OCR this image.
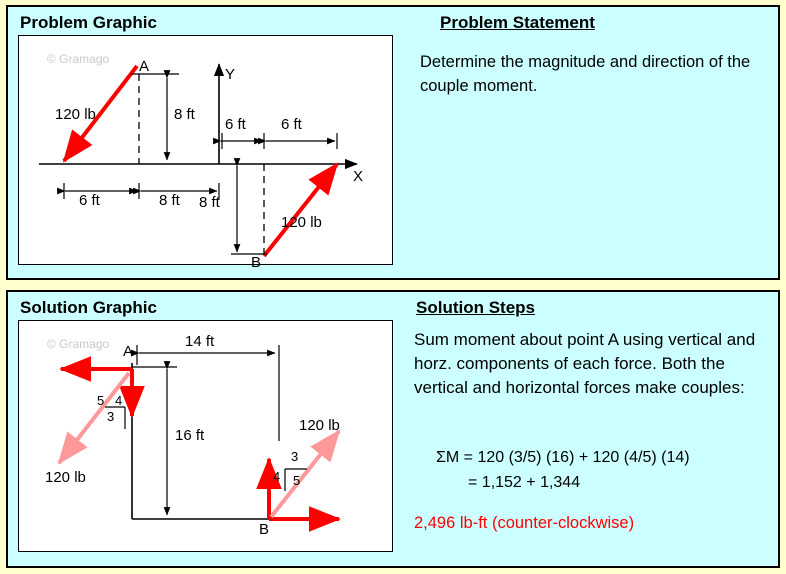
Problem Graphic	Problem Statement
Determine the magnitude and direction of the couple moment.
© Gramago A	Y
X
B
120 lb
120 lb
8 ft
6 ft	8 ft
6 ft 6 ft
8 ft
Solution Graphic	Solution Steps
Sum moment about point A using vertical and horz. components of each force. Both the vertical and horizontal forces make couples:
ΣM = 120 (3/5) (16) + 120 (4/5) (14)
= 1,152 + 1,344
2,496 lb-ft (counter-clockwise)
© Gramago A
B
14 ft
16 ft
120 lb
120 lb
5 4
3
3
4 5
